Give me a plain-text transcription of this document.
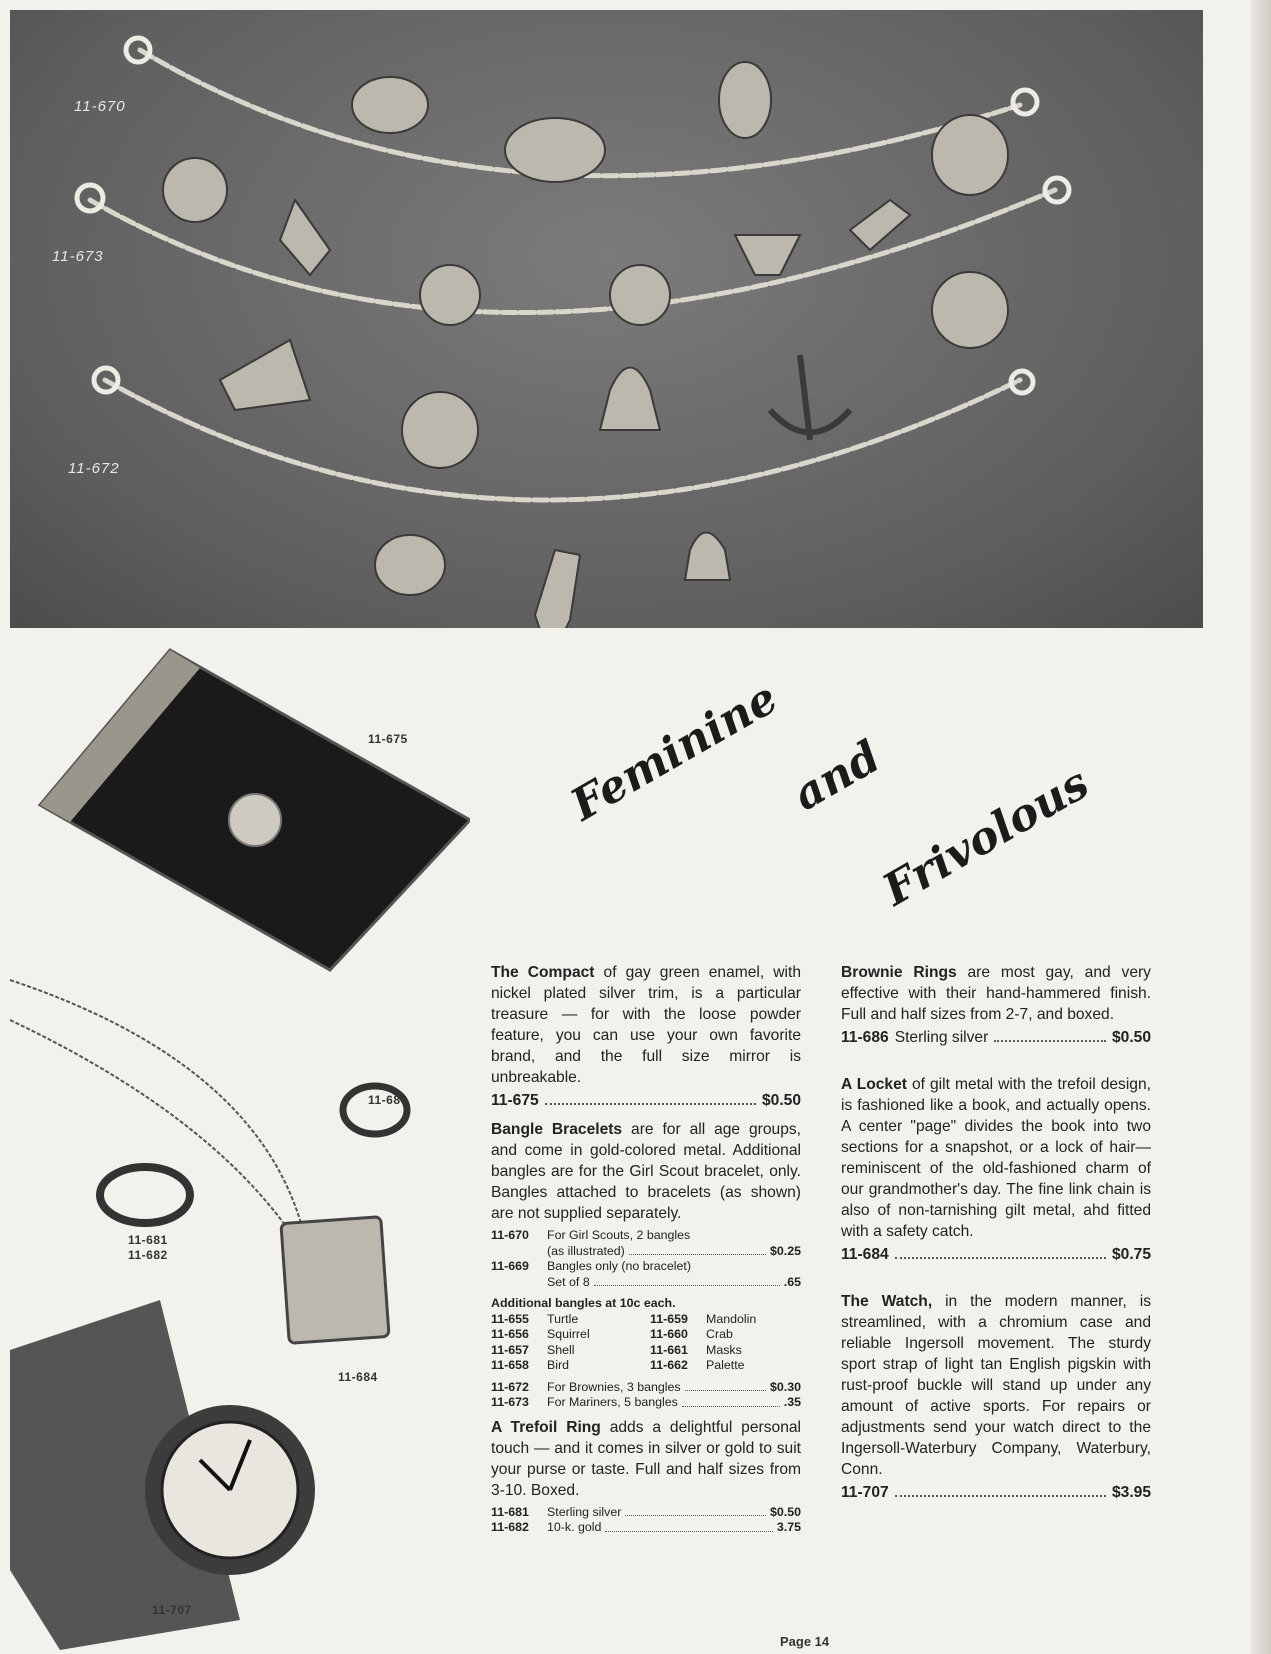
11-670
11-673
11-672
11-675
11-686
11-681
11-682
11-684
11-707
Feminine
and
Frivolous

The Compact of gay green enamel, with nickel plated silver trim, is a particular treasure — for with the loose powder feature, you can use your own favorite brand, and the full size mirror is unbreakable.

11-675	$0.50

Bangle Bracelets are for all age groups, and come in gold-colored metal. Additional bangles are for the Girl Scout bracelet, only. Bangles attached to bracelets (as shown) are not supplied separately.

11-670	For Girl Scouts, 2 bangles
(as illustrated)	$0.25
11-669	Bangles only (no bracelet)
Set of 8	.65
Additional bangles at 10c each.
11-655	Turtle	11-659	Mandolin
11-656	Squirrel	11-660	Crab
11-657	Shell	11-661	Masks
11-658	Bird	11-662	Palette
11-672	For Brownies, 3 bangles	$0.30
11-673	For Mariners, 5 bangles	.35

A Trefoil Ring adds a delightful personal touch — and it comes in silver or gold to suit your purse or taste. Full and half sizes from 3-10. Boxed.

11-681	Sterling silver	$0.50
11-682	10-k. gold	3.75

Brownie Rings are most gay, and very effective with their hand-hammered finish. Full and half sizes from 2-7, and boxed.

11-686 Sterling silver	$0.50

A Locket of gilt metal with the trefoil design, is fashioned like a book, and actually opens. A center "page" divides the book into two sections for a snapshot, or a lock of hair—reminiscent of the old-fashioned charm of our grandmother's day. The fine link chain is also of non-tarnishing gilt metal, ahd fitted with a safety catch.

11-684	$0.75

The Watch, in the modern manner, is streamlined, with a chromium case and reliable Ingersoll movement. The sturdy sport strap of light tan English pigskin with rust-proof buckle will stand up under any amount of active sports. For repairs or adjustments send your watch direct to the Ingersoll-Waterbury Company, Waterbury, Conn.

11-707	$3.95
Page 14
